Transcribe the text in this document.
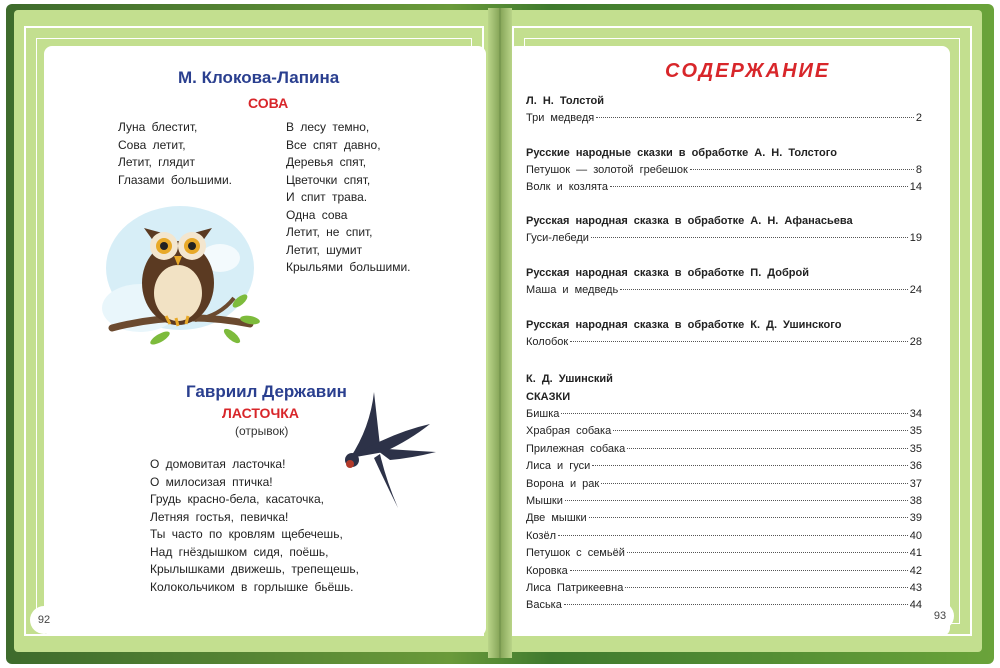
М. Клокова-Лапина
СОВА
Луна блестит,
Сова летит,
Летит, глядит
Глазами большими.
В лесу темно,
Все спят давно,
Деревья спят,
Цветочки спят,
И спит трава.
Одна сова
Летит, не спит,
Летит, шумит
Крыльями большими.
Гавриил Державин
ЛАСТОЧКА
(отрывок)
О домовитая ласточка!
О милосизая птичка!
Грудь красно-бела, касаточка,
Летняя гостья, певичка!
Ты часто по кровлям щебечешь,
Над гнёздышком сидя, поёшь,
Крылышками движешь, трепещешь,
Колокольчиком в горлышке бьёшь.
92
СОДЕРЖАНИЕ
Л. Н. Толстой
Три медведя	2
Русские народные сказки в обработке А. Н. Толстого
Петушок — золотой гребешок	8
Волк и козлята	14
Русская народная сказка в обработке А. Н. Афанасьева
Гуси-лебеди	19
Русская народная сказка в обработке П. Доброй
Маша и медведь	24
Русская народная сказка в обработке К. Д. Ушинского
Колобок	28
К. Д. Ушинский
СКАЗКИ
Бишка	34
Храбрая собака	35
Прилежная собака	35
Лиса и гуси	36
Ворона и рак	37
Мышки	38
Две мышки	39
Козёл	40
Петушок с семьёй	41
Коровка	42
Лиса Патрикеевна	43
Васька	44
93
